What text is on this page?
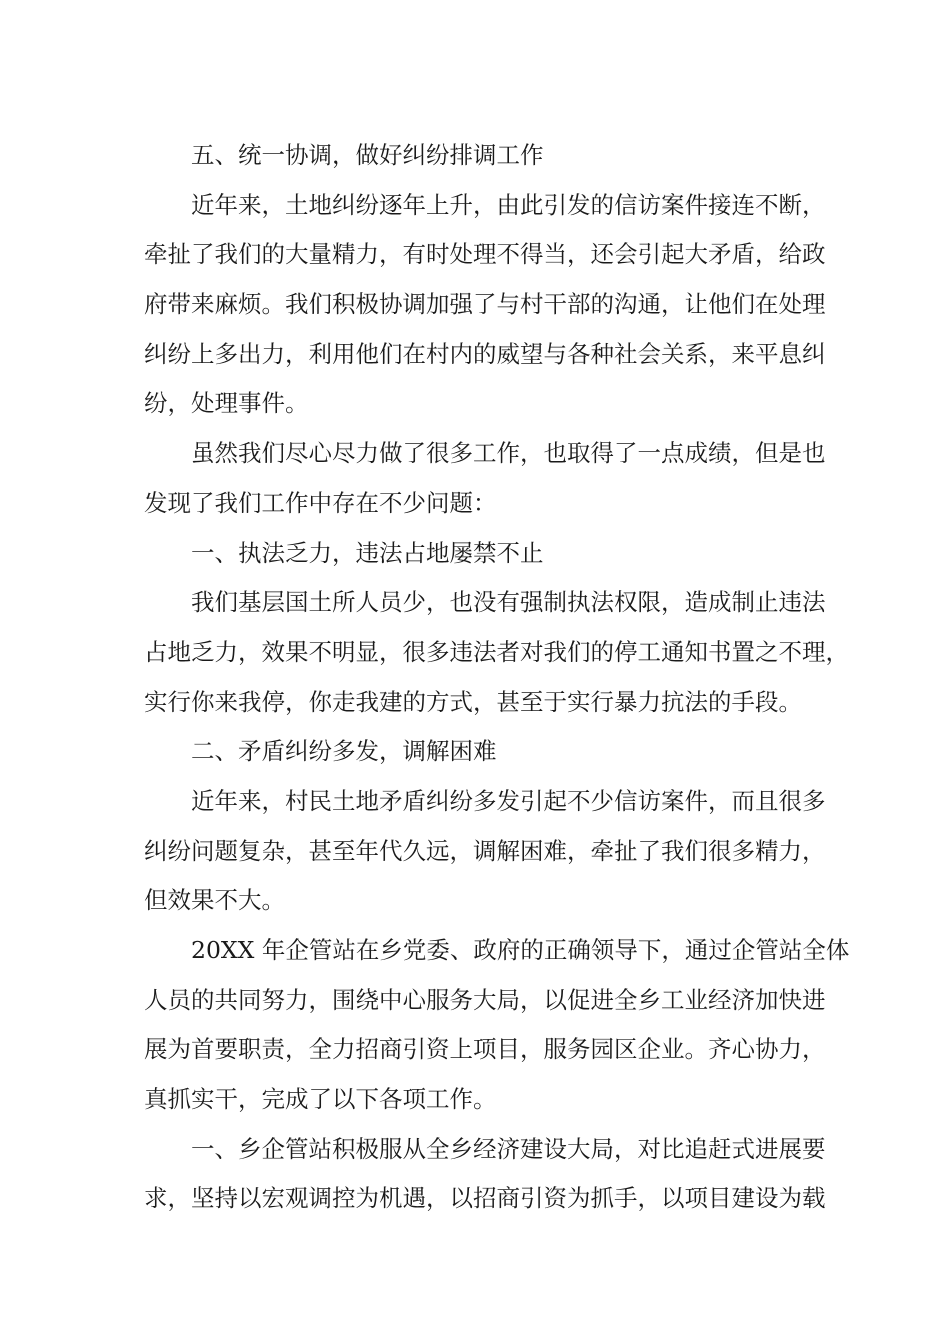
五、统一协调，做好纠纷排调工作
近年来，土地纠纷逐年上升，由此引发的信访案件接连不断，
牵扯了我们的大量精力，有时处理不得当，还会引起大矛盾，给政
府带来麻烦。我们积极协调加强了与村干部的沟通，让他们在处理
纠纷上多出力，利用他们在村内的威望与各种社会关系，来平息纠
纷，处理事件。
虽然我们尽心尽力做了很多工作，也取得了一点成绩，但是也
发现了我们工作中存在不少问题：
一、执法乏力，违法占地屡禁不止
我们基层国土所人员少，也没有强制执法权限，造成制止违法
占地乏力，效果不明显，很多违法者对我们的停工通知书置之不理，
实行你来我停，你走我建的方式，甚至于实行暴力抗法的手段。
二、矛盾纠纷多发，调解困难
近年来，村民土地矛盾纠纷多发引起不少信访案件，而且很多
纠纷问题复杂，甚至年代久远，调解困难，牵扯了我们很多精力，
但效果不大。
20XX 年企管站在乡党委、政府的正确领导下，通过企管站全体
人员的共同努力，围绕中心服务大局，以促进全乡工业经济加快进
展为首要职责，全力招商引资上项目，服务园区企业。齐心协力，
真抓实干，完成了以下各项工作。
一、乡企管站积极服从全乡经济建设大局，对比追赶式进展要
求，坚持以宏观调控为机遇，以招商引资为抓手，以项目建设为载
